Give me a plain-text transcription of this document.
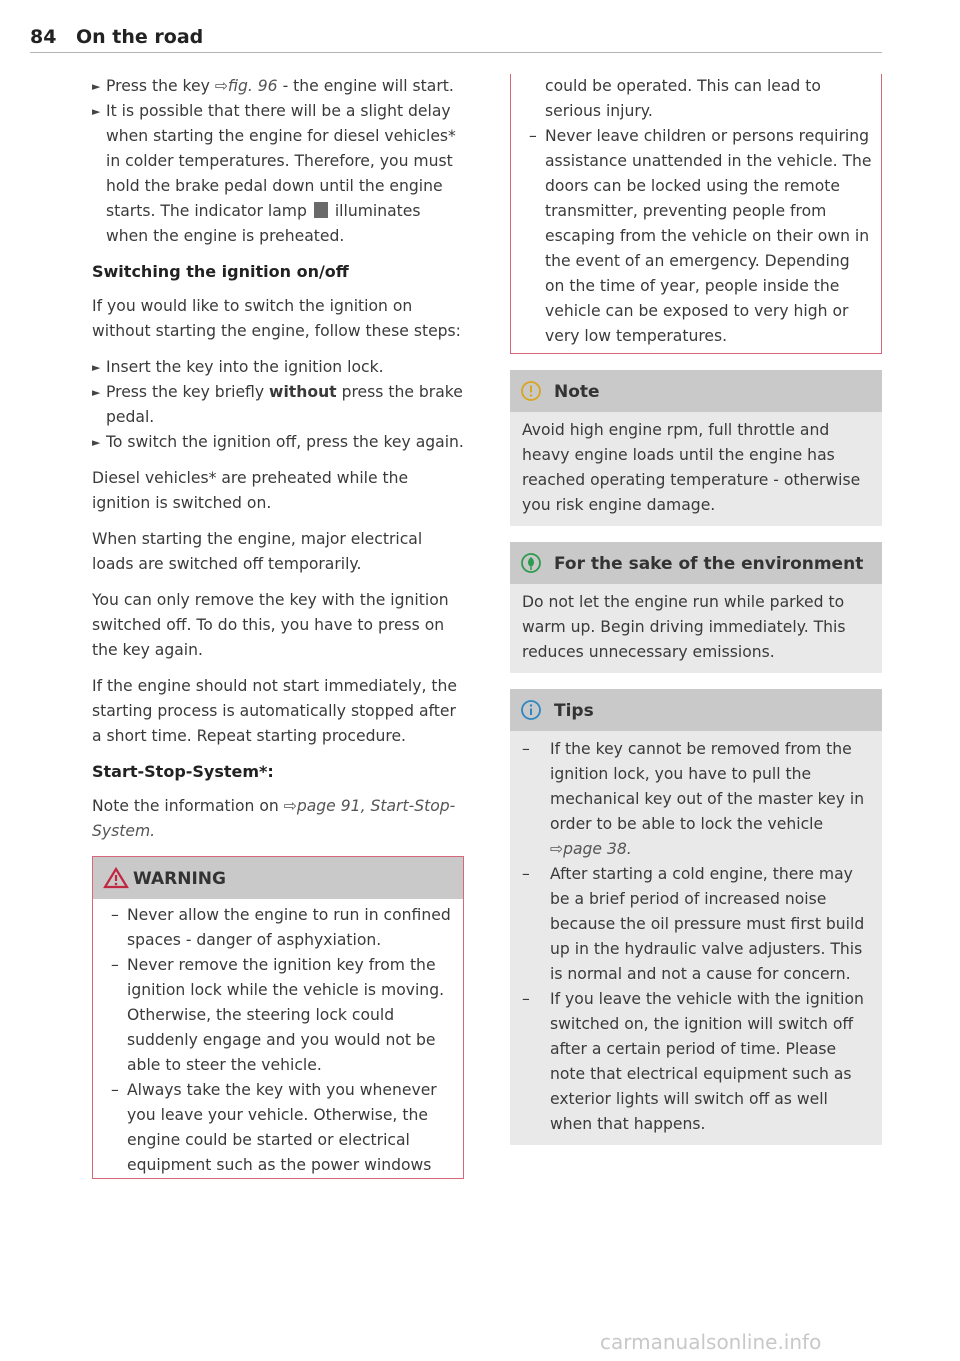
84 On the road
► Press the key ⇨fig. 96 - the engine will start.
► It is possible that there will be a slight delay when starting the engine for diesel vehicles* in colder temperatures. Therefore, you must hold the brake pedal down until the engine starts. The indicator lamp  illuminates when the engine is preheated.
Switching the ignition on/off

If you would like to switch the ignition on without starting the engine, follow these steps:

► Insert the key into the ignition lock.
► Press the key briefly without press the brake pedal.
► To switch the ignition off, press the key again.

Diesel vehicles* are preheated while the ignition is switched on.

When starting the engine, major electrical loads are switched off temporarily.

You can only remove the key with the ignition switched off. To do this, you have to press on the key again.

If the engine should not start immediately, the starting process is automatically stopped after a short time. Repeat starting procedure.

Start-Stop-System*:

Note the information on ⇨page 91, Start-Stop-System.

WARNING
– Never allow the engine to run in confined spaces - danger of asphyxiation.
– Never remove the ignition key from the ignition lock while the vehicle is moving. Otherwise, the steering lock could suddenly engage and you would not be able to steer the vehicle.
– Always take the key with you whenever you leave your vehicle. Otherwise, the engine could be started or electrical equipment such as the power windows
could be operated. This can lead to serious injury.
– Never leave children or persons requiring assistance unattended in the vehicle. The doors can be locked using the remote transmitter, preventing people from escaping from the vehicle on their own in the event of an emergency. Depending on the time of year, people inside the vehicle can be exposed to very high or very low temperatures.
Note
Avoid high engine rpm, full throttle and heavy engine loads until the engine has reached operating temperature - otherwise you risk engine damage.
For the sake of the environment
Do not let the engine run while parked to warm up. Begin driving immediately. This reduces unnecessary emissions.
Tips
– If the key cannot be removed from the ignition lock, you have to pull the mechanical key out of the master key in order to be able to lock the vehicle ⇨page 38.
– After starting a cold engine, there may be a brief period of increased noise because the oil pressure must first build up in the hydraulic valve adjusters. This is normal and not a cause for concern.
– If you leave the vehicle with the ignition switched on, the ignition will switch off after a certain period of time. Please note that electrical equipment such as exterior lights will switch off as well when that happens.
carmanualsonline.info
